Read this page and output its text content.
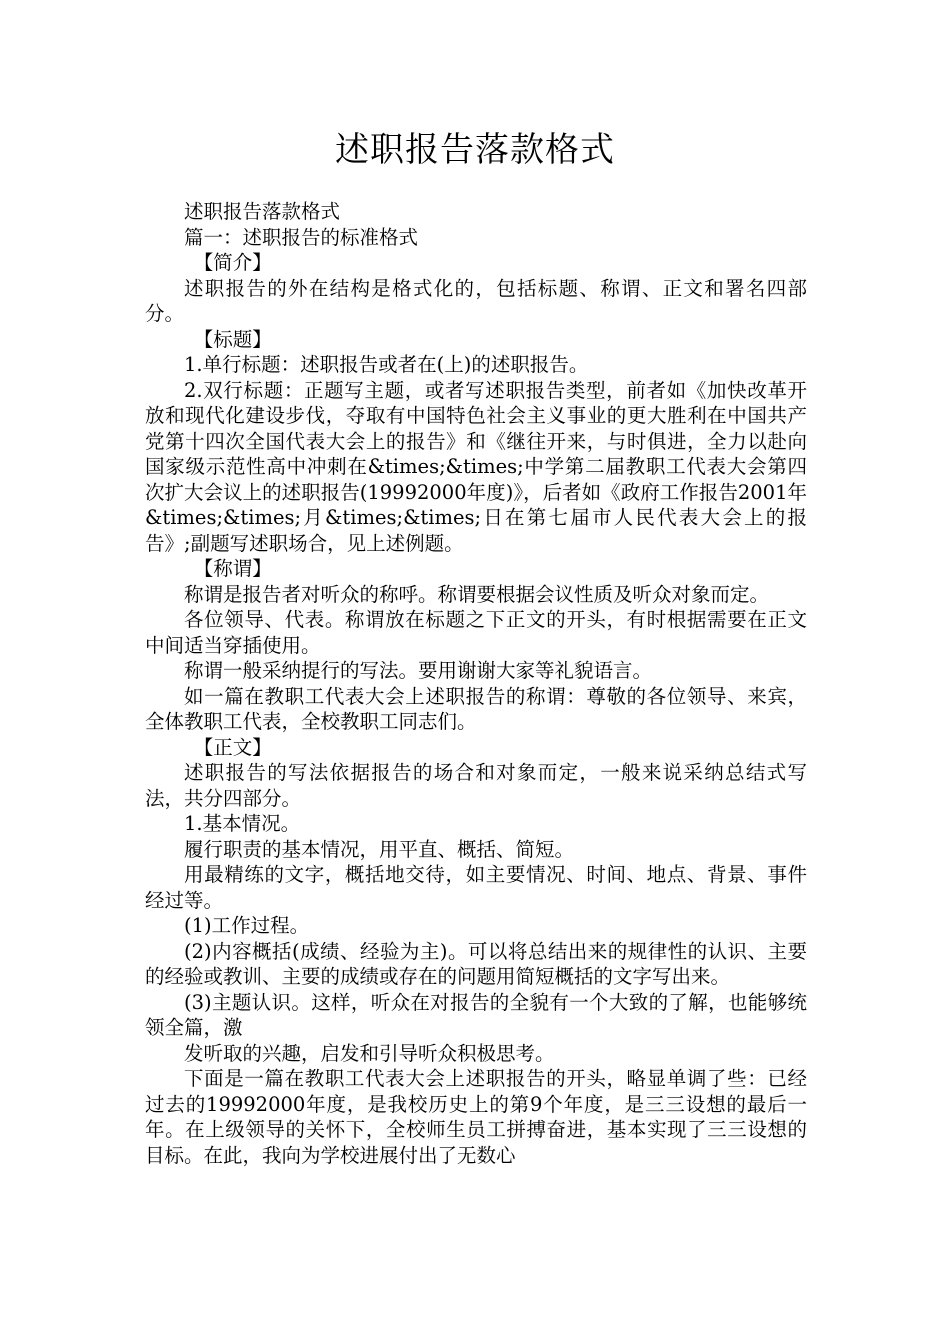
述职报告落款格式

述职报告落款格式

篇一：述职报告的标准格式

【简介】

述职报告的外在结构是格式化的，包括标题、称谓、正文和署名四部分。

【标题】

1.单行标题：述职报告或者在(上)的述职报告。

2.双行标题：正题写主题，或者写述职报告类型，前者如《加快改革开放和现代化建设步伐，夺取有中国特色社会主义事业的更大胜利在中国共产党第十四次全国代表大会上的报告》和《继往开来，与时俱进，全力以赴向国家级示范性高中冲刺在&times;&times;中学第二届教职工代表大会第四次扩大会议上的述职报告(19992000年度)》，后者如《政府工作报告2001年&times;&times;月&times;&times;日在第七届市人民代表大会上的报告》;副题写述职场合，见上述例题。

【称谓】

称谓是报告者对听众的称呼。称谓要根据会议性质及听众对象而定。

各位领导、代表。称谓放在标题之下正文的开头，有时根据需要在正文中间适当穿插使用。

称谓一般采纳提行的写法。要用谢谢大家等礼貌语言。

如一篇在教职工代表大会上述职报告的称谓：尊敬的各位领导、来宾，全体教职工代表，全校教职工同志们。

【正文】

述职报告的写法依据报告的场合和对象而定，一般来说采纳总结式写法，共分四部分。

1.基本情况。

履行职责的基本情况，用平直、概括、简短。

用最精练的文字，概括地交待，如主要情况、时间、地点、背景、事件经过等。

(1)工作过程。

(2)内容概括(成绩、经验为主)。可以将总结出来的规律性的认识、主要的经验或教训、主要的成绩或存在的问题用简短概括的文字写出来。

(3)主题认识。这样，听众在对报告的全貌有一个大致的了解，也能够统领全篇，激

发听取的兴趣，启发和引导听众积极思考。

下面是一篇在教职工代表大会上述职报告的开头，略显单调了些：已经过去的19992000年度，是我校历史上的第9个年度，是三三设想的最后一年。在上级领导的关怀下，全校师生员工拼搏奋进，基本实现了三三设想的目标。在此，我向为学校进展付出了无数心
